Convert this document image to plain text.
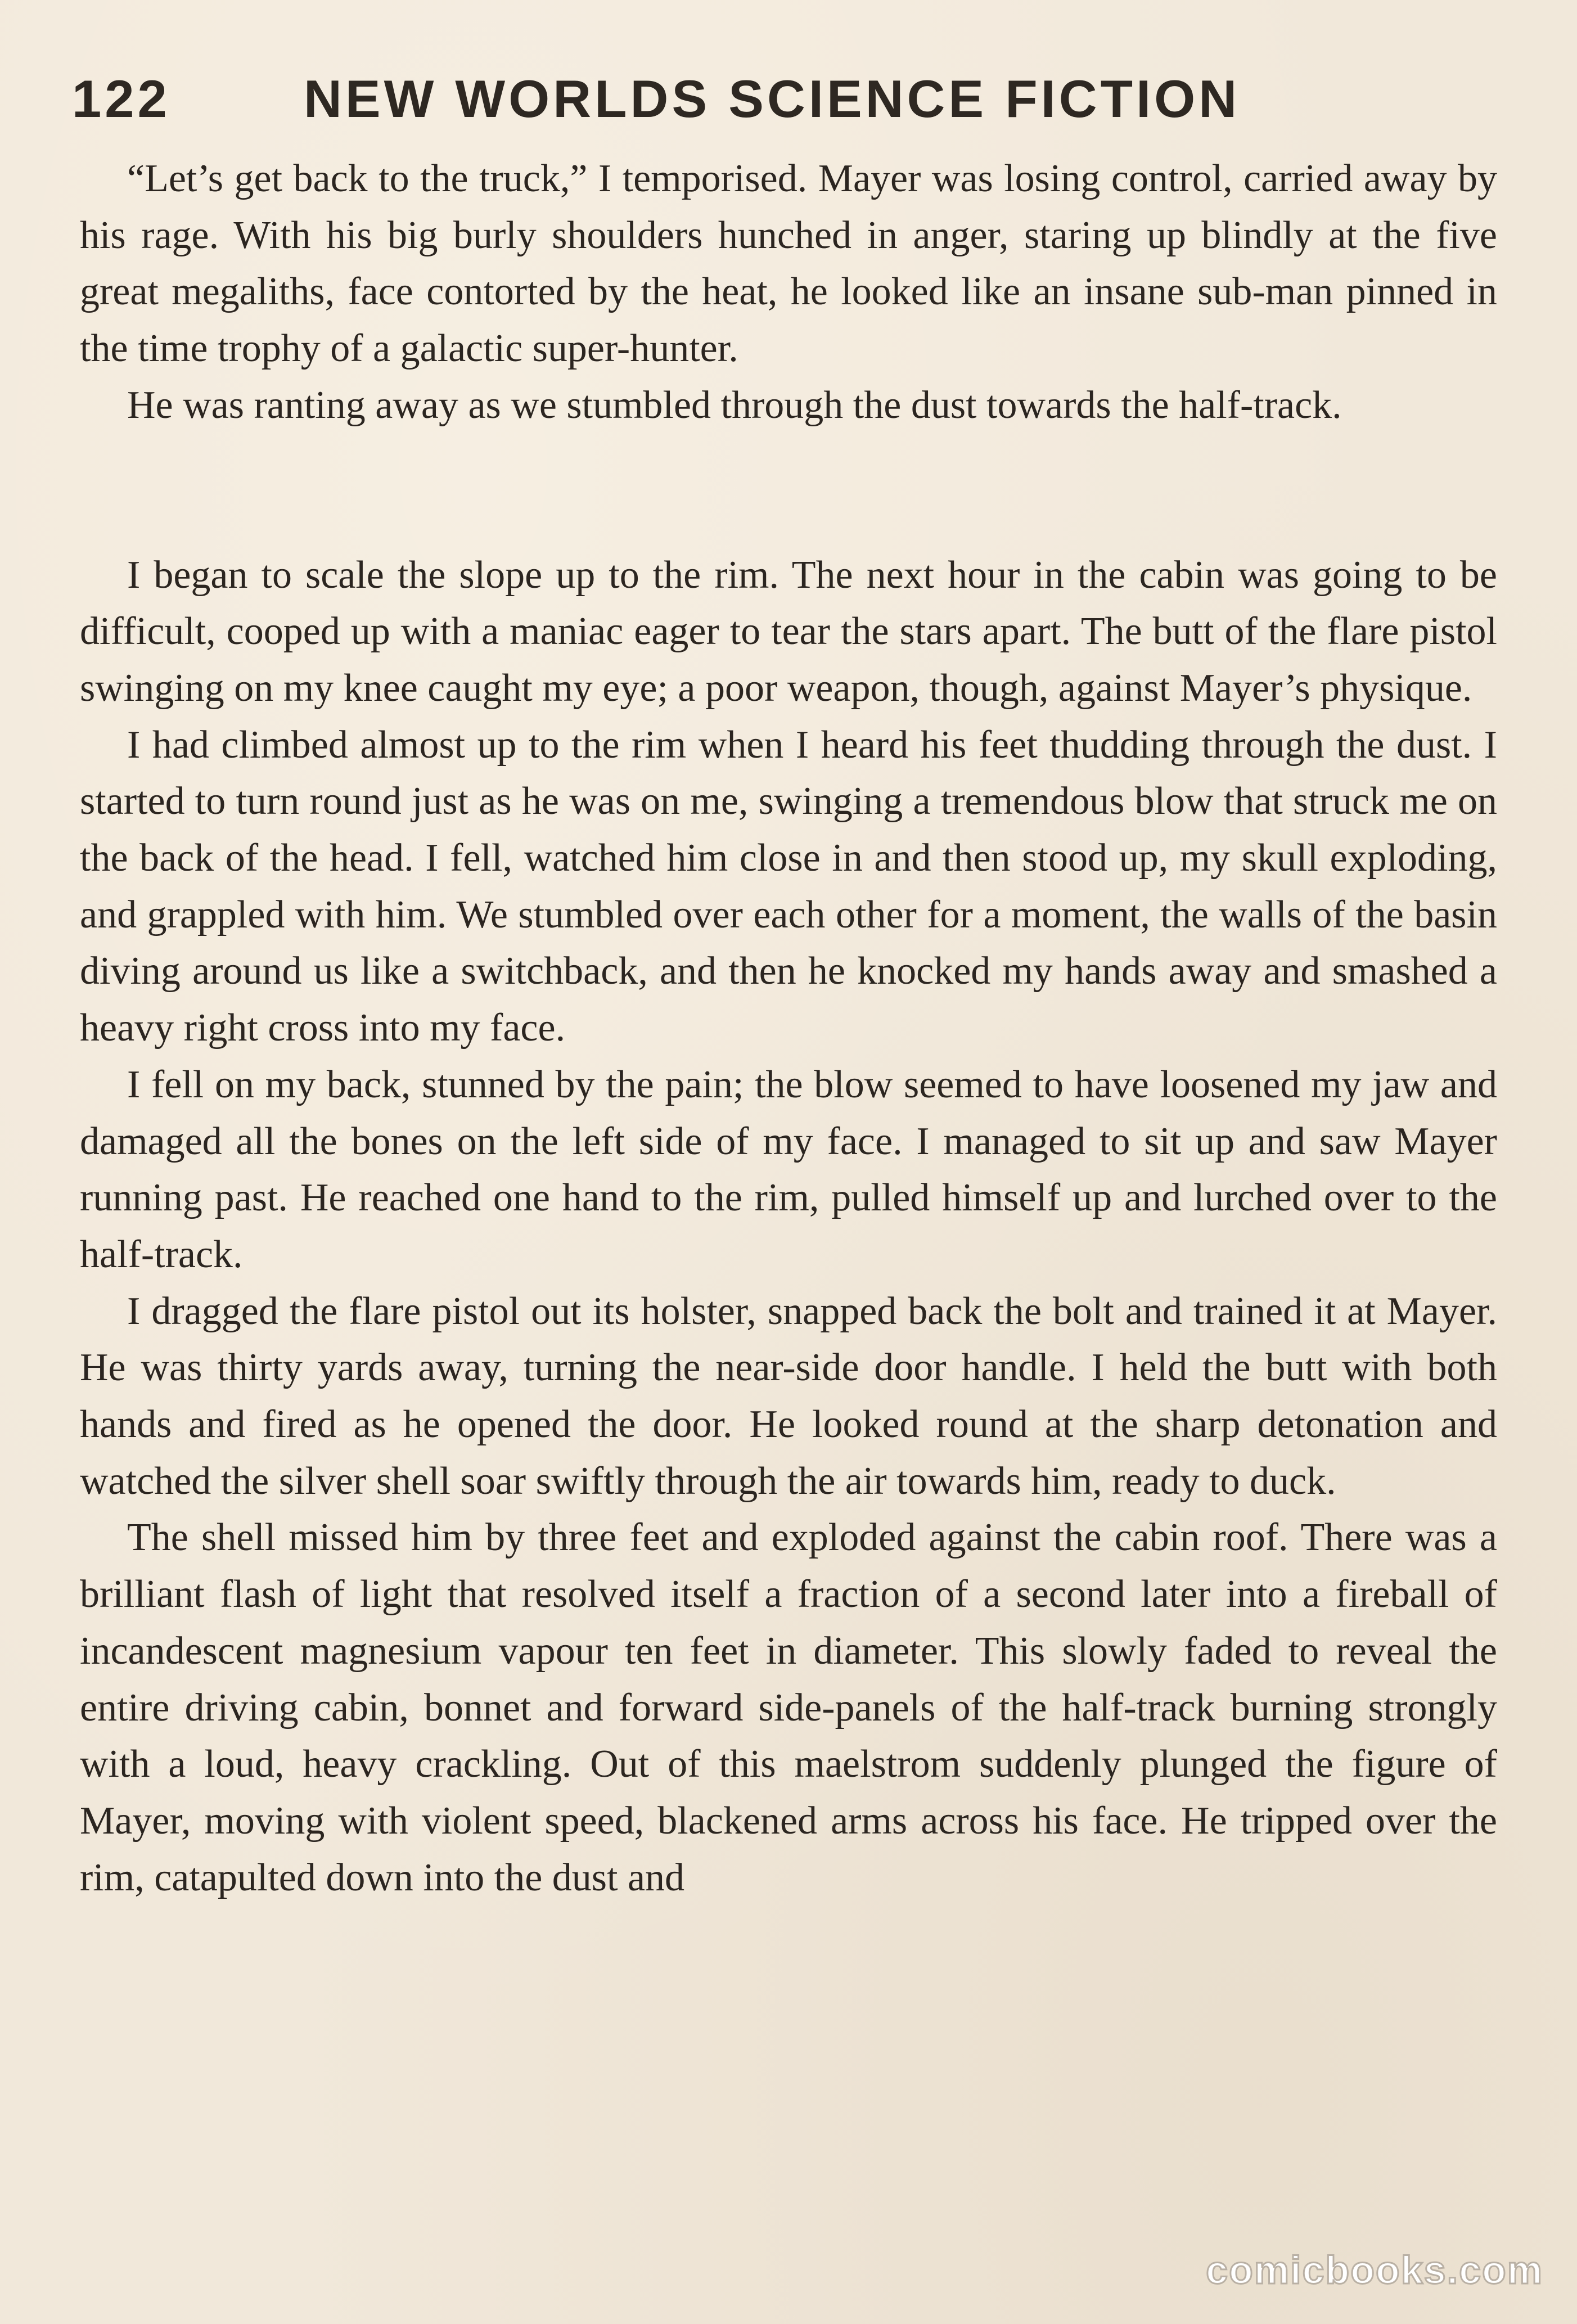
122	NEW WORLDS SCIENCE FICTION

“Let’s get back to the truck,” I temporised. Mayer was losing control, carried away by his rage. With his big burly shoulders hunched in anger, staring up blindly at the five great megaliths, face contorted by the heat, he looked like an insane sub-man pinned in the time trophy of a galactic super-hunter.

He was ranting away as we stumbled through the dust towards the half-track.

I began to scale the slope up to the rim. The next hour in the cabin was going to be difficult, cooped up with a maniac eager to tear the stars apart. The butt of the flare pistol swinging on my knee caught my eye; a poor weapon, though, against Mayer’s physique.

I had climbed almost up to the rim when I heard his feet thudding through the dust. I started to turn round just as he was on me, swinging a tremendous blow that struck me on the back of the head. I fell, watched him close in and then stood up, my skull exploding, and grappled with him. We stumbled over each other for a moment, the walls of the basin diving around us like a switchback, and then he knocked my hands away and smashed a heavy right cross into my face.

I fell on my back, stunned by the pain; the blow seemed to have loosened my jaw and damaged all the bones on the left side of my face. I managed to sit up and saw Mayer running past. He reached one hand to the rim, pulled himself up and lurched over to the half-track.

I dragged the flare pistol out its holster, snapped back the bolt and trained it at Mayer. He was thirty yards away, turning the near-side door handle. I held the butt with both hands and fired as he opened the door. He looked round at the sharp detonation and watched the silver shell soar swiftly through the air towards him, ready to duck.

The shell missed him by three feet and exploded against the cabin roof. There was a brilliant flash of light that resolved itself a fraction of a second later into a fireball of incandescent magnesium vapour ten feet in diameter. This slowly faded to reveal the entire driving cabin, bonnet and forward side-panels of the half-track burning strongly with a loud, heavy crackling. Out of this maelstrom suddenly plunged the figure of Mayer, moving with violent speed, blackened arms across his face. He tripped over the rim, catapulted down into the dust and

comicbooks.com
